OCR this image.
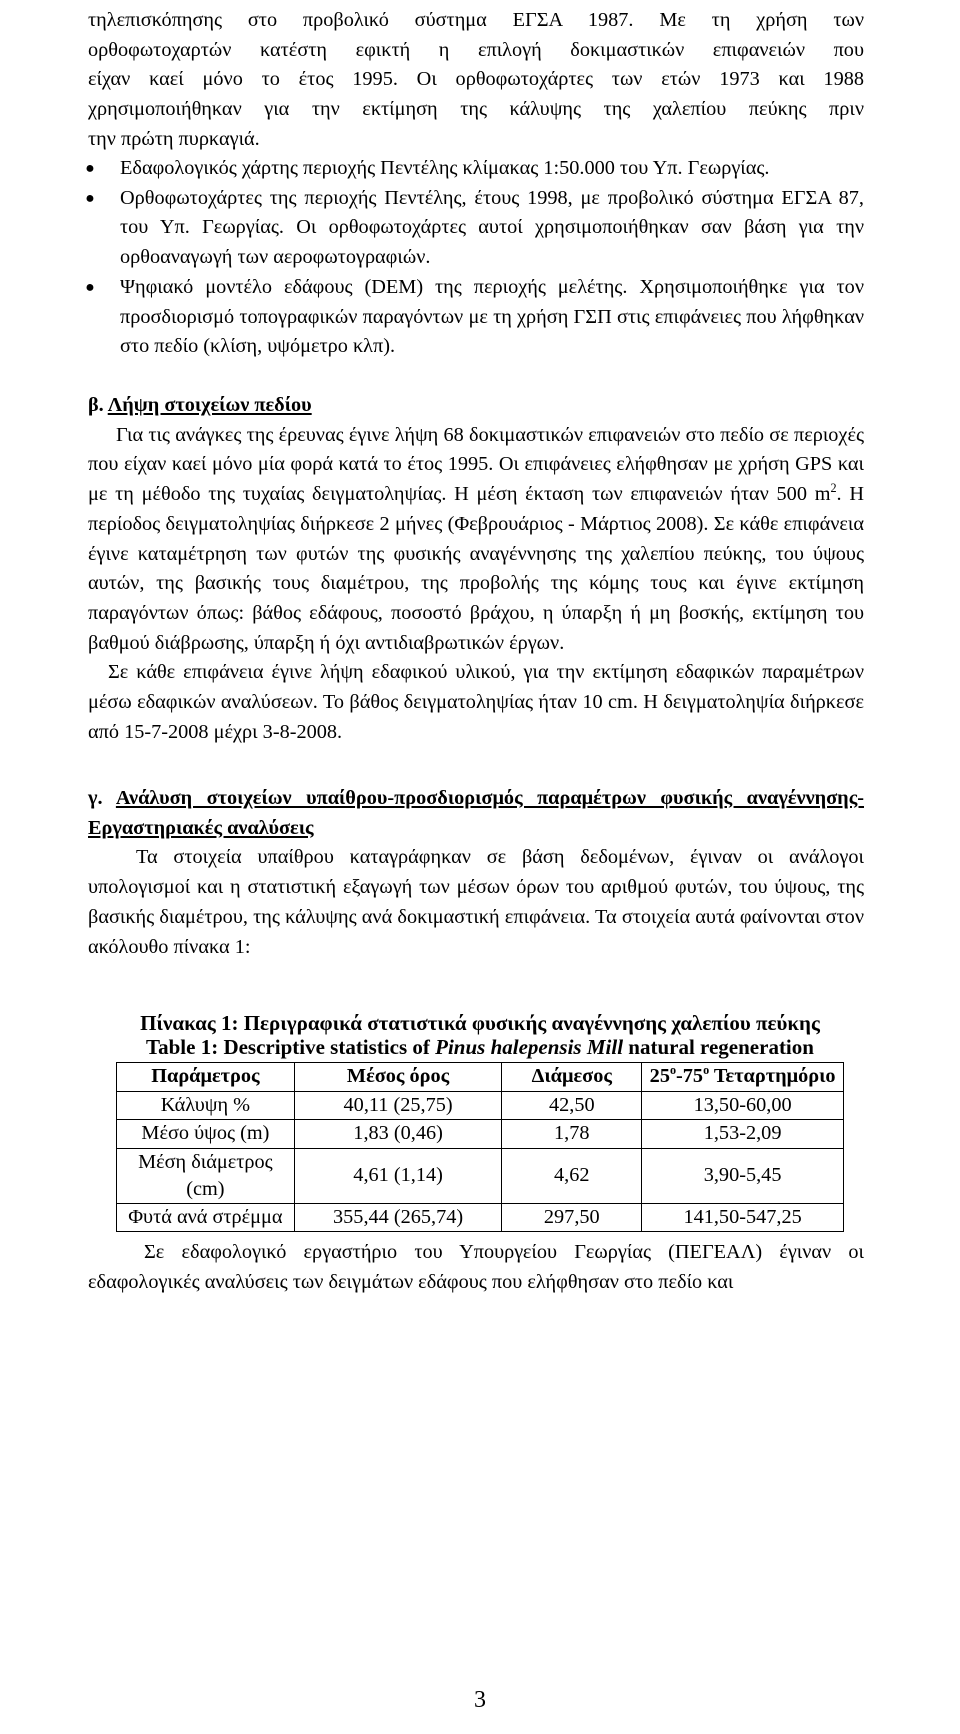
τηλεπισκόπησης στο προβολικό σύστημα ΕΓΣΑ 1987. Με τη χρήση των
ορθοφωτοχαρτών κατέστη εφικτή η επιλογή δοκιμαστικών επιφανειών που
είχαν καεί μόνο το έτος 1995. Οι ορθοφωτοχάρτες των ετών 1973 και 1988
χρησιμοποιήθηκαν για την εκτίμηση της κάλυψης της χαλεπίου πεύκης πριν
την πρώτη πυρκαγιά.
● Εδαφολογικός χάρτης περιοχής Πεντέλης κλίμακας 1:50.000 του Υπ. Γεωργίας.
● Ορθοφωτοχάρτες της περιοχής Πεντέλης, έτους 1998, με προβολικό σύστημα ΕΓΣΑ 87, του Υπ. Γεωργίας. Οι ορθοφωτοχάρτες αυτοί χρησιμοποιήθηκαν σαν βάση για την ορθοαναγωγή των αεροφωτογραφιών.
● Ψηφιακό μοντέλο εδάφους (DEM) της περιοχής μελέτης. Χρησιμοποιήθηκε για τον προσδιορισμό τοπογραφικών παραγόντων με τη χρήση ΓΣΠ στις επιφάνειες που λήφθηκαν στο πεδίο (κλίση, υψόμετρο κλπ).
β. Λήψη στοιχείων πεδίου

Για τις ανάγκες της έρευνας έγινε λήψη 68 δοκιμαστικών επιφανειών στο πεδίο σε περιοχές που είχαν καεί μόνο μία φορά κατά το έτος 1995. Οι επιφάνειες ελήφθησαν με χρήση GPS και με τη μέθοδο της τυχαίας δειγματοληψίας. Η μέση έκταση των επιφανειών ήταν 500 $m^2$. Η περίοδος δειγματοληψίας διήρκεσε 2 μήνες (Φεβρουάριος - Μάρτιος 2008). Σε κάθε επιφάνεια έγινε καταμέτρηση των φυτών της φυσικής αναγέννησης της χαλεπίου πεύκης, του ύψους αυτών, της βασικής τους διαμέτρου, της προβολής της κόμης τους και έγινε εκτίμηση παραγόντων όπως: βάθος εδάφους, ποσοστό βράχου, η ύπαρξη ή μη βοσκής, εκτίμηση του βαθμού διάβρωσης, ύπαρξη ή όχι αντιδιαβρωτικών έργων.

Σε κάθε επιφάνεια έγινε λήψη εδαφικού υλικού, για την εκτίμηση εδαφικών παραμέτρων μέσω εδαφικών αναλύσεων. Το βάθος δειγματοληψίας ήταν 10 cm. Η δειγματοληψία διήρκεσε από 15-7-2008 μέχρι 3-8-2008.

γ. Ανάλυση στοιχείων υπαίθρου-προσδιορισμός παραμέτρων φυσικής αναγέννησης-Εργαστηριακές αναλύσεις

Τα στοιχεία υπαίθρου καταγράφηκαν σε βάση δεδομένων, έγιναν οι ανάλογοι υπολογισμοί και η στατιστική εξαγωγή των μέσων όρων του αριθμού φυτών, του ύψους, της βασικής διαμέτρου, της κάλυψης ανά δοκιμαστική επιφάνεια. Τα στοιχεία αυτά φαίνονται στον ακόλουθο πίνακα 1:

Πίνακας 1: Περιγραφικά στατιστικά φυσικής αναγέννησης χαλεπίου πεύκης
Table 1: Descriptive statistics of Pinus halepensis Mill natural regeneration
Παράμετρος	Μέσος όρος	Διάμεσος	$25^o-75^o$ Τεταρτημόριο
Κάλυψη %	40,11 (25,75)	42,50	13,50-60,00
Μέσο ύψος (m)	1,83 (0,46)	1,78	1,53-2,09
Μέση διάμετρος (cm)	4,61 (1,14)	4,62	3,90-5,45
Φυτά ανά στρέμμα	355,44 (265,74)	297,50	141,50-547,25

Σε εδαφολογικό εργαστήριο του Υπουργείου Γεωργίας (ΠΕΓΕΑΛ) έγιναν οι εδαφολογικές αναλύσεις των δειγμάτων εδάφους που ελήφθησαν στο πεδίο και

3
